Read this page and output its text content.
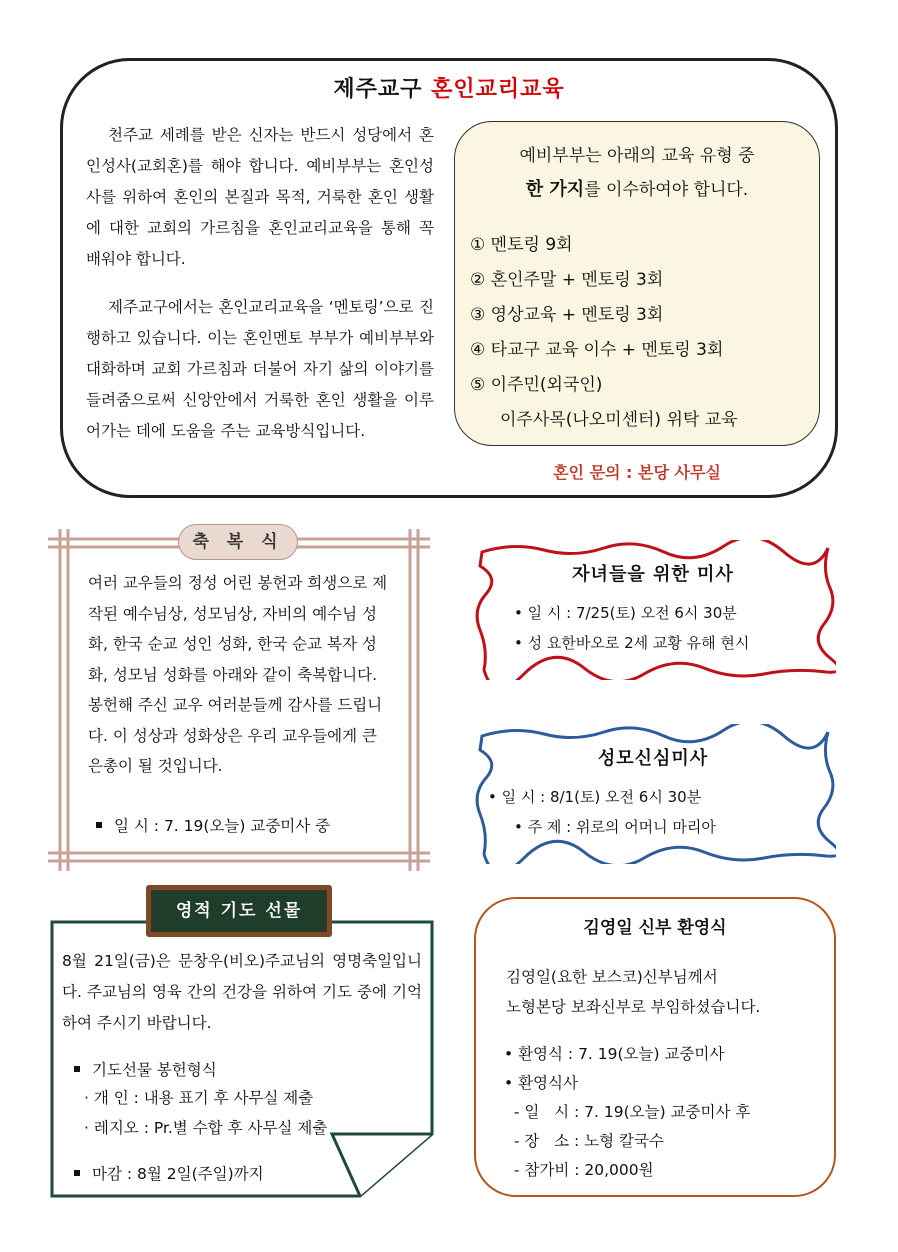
제주교구 혼인교리교육

천주교 세례를 받은 신자는 반드시 성당에서 혼인성사(교회혼)를 해야 합니다. 예비부부는 혼인성사를 위하여 혼인의 본질과 목적, 거룩한 혼인 생활에 대한 교회의 가르침을 혼인교리교육을 통해 꼭 배워야 합니다.

제주교구에서는 혼인교리교육을 ‘멘토링’으로 진행하고 있습니다. 이는 혼인멘토 부부가 예비부부와 대화하며 교회 가르침과 더불어 자기 삶의 이야기를 들려줌으로써 신앙안에서 거룩한 혼인 생활을 이루어가는 데에 도움을 주는 교육방식입니다.

예비부부는 아래의 교육 유형 중
한 가지를 이수하여야 합니다.
① 멘토링 9회
② 혼인주말 + 멘토링 3회
③ 영상교육 + 멘토링 3회
④ 타교구 교육 이수 + 멘토링 3회
⑤ 이주민(외국인)
이주사목(나오미센터) 위탁 교육
혼인 문의 : 본당 사무실
축 복 식

여러 교우들의 정성 어린 봉헌과 희생으로 제작된 예수님상, 성모님상, 자비의 예수님 성화, 한국 순교 성인 성화, 한국 순교 복자 성화, 성모님 성화를 아래와 같이 축복합니다. 봉헌해 주신 교우 여러분들께 감사를 드립니다. 이 성상과 성화상은 우리 교우들에게 큰 은총이 될 것입니다.

일 시 : 7. 19(오늘) 교중미사 중
자녀들을 위한 미사
• 일 시 : 7/25(토) 오전 6시 30분
• 성 요한바오로 2세 교황 유해 현시
성모신심미사
• 일 시 : 8/1(토) 오전 6시 30분
• 주 제 : 위로의 어머니 마리아
영적 기도 선물

8월 21일(금)은 문창우(비오)주교님의 영명축일입니다. 주교님의 영육 간의 건강을 위하여 기도 중에 기억하여 주시기 바랍니다.

기도선물 봉헌형식
· 개 인 : 내용 표기 후 사무실 제출
· 레지오 : Pr.별 수합 후 사무실 제출
마감 : 8월 2일(주일)까지
김영일 신부 환영식

김영일(요한 보스코)신부님께서
노형본당 보좌신부로 부임하셨습니다.

• 환영식 : 7. 19(오늘) 교중미사
• 환영식사
- 일   시 : 7. 19(오늘) 교중미사 후
- 장   소 : 노형 칼국수
- 참가비 : 20,000원
